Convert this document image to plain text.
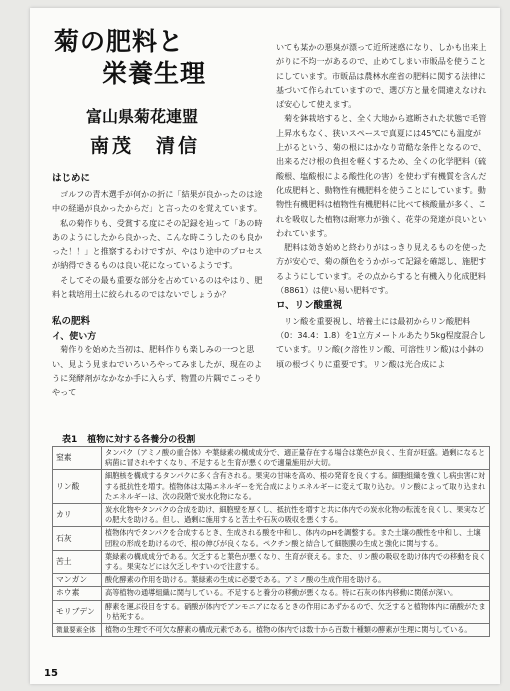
菊の肥料と
栄養生理
富山県菊花連盟
南茂 清信
はじめに

ゴルフの青木選手が何かの折に「結果が良かったのは途中の経過が良かったからだ」と言ったのを覚えています。

私の菊作りも、受賞する度にその記録を辿って「あの時あのようにしたから良かった、こんな時こうしたのも良かった！！」と推察するわけですが、やはり途中のプロセスが納得できるものは良い花になっているようです。

そしてその最も重要な部分を占めているのはやはり、肥料と栽培用土に絞られるのではないでしょうか？

私の肥料
イ、使い方

菊作りを始めた当初は、肥料作りも楽しみの一つと思い、見よう見まねでいろいろやってみましたが、現在のように発酵剤がなかなか手に入らず、物置の片隅でこっそりやって

いても某かの悪臭が漂って近所迷惑になり、しかも出来上がりに不均一があるので、止めてしまい市販品を使うことにしています。市販品は農林水産省の肥料に関する法律に基づいて作られていますので、選び方と量を間違えなければ安心して使えます。

菊を鉢栽培すると、全く大地から遮断された状態で毛管上昇水もなく、狭いスペースで真夏には45℃にも温度が上がるという、菊の根にはかなり苛酷な条件となるので、出来るだけ根の負担を軽くするため、全くの化学肥料（硫酸根、塩酸根による酸性化の害）を使わず有機質を含んだ化成肥料と、動物性有機肥料を使うことにしています。動物性有機肥料は植物性有機肥料に比べて核酸量が多く、これを吸収した植物は耐寒力が強く、花芽の発達が良いといわれています。

肥料は効き始めと終わりがはっきり見えるものを使った方が安心で、菊の顔色をうかがって記録を確認し、施肥するようにしています。その点からすると有機入り化成肥料（8861）は使い易い肥料です。

ロ、リン酸重視

リン酸を重要視し、培養土には最初からリン酸肥料（0：34.4：1.8）を1立方メートルあたり5kg程度混合しています。リン酸(ク溶性リン酸、可溶性リン酸)は小鉢の頃の根づくりに重要です。リン酸は光合成によ

表1 植物に対する各養分の役割
窒素	タンパク（アミノ酸の重合体）や葉緑素の構成成分で、適正量存在する場合は葉色が良く、生育が旺盛。過剰になると病菌に冒されやすくなり、不足すると生育が悪くので適量施用が大切。
リン酸	細胞核を構成するタンパクに多く含有される。果実の甘味を高め、根の発育を良くする。細胞組織を強くし病虫害に対する抵抗性を増す。植物体は太陽エネルギーを光合成によりエネルギーに変えて取り込む。リン酸によって取り込まれたエネルギーは、次の段階で炭水化物になる。
カリ	炭水化物やタンパクの合成を助け、細胞壁を厚くし、抵抗性を増すと共に体内での炭水化物の転流を良くし、果実などの肥大を助ける。但し、過剰に施用すると苦土や石灰の吸収を悪くする。
石灰	植物体内でタンパクを合成するとき、生成される酸を中和し、体内のpHを調整する。また土壌の酸性を中和し、土壌団粒の形成を助けるので、根の伸びが良くなる。ペクチン酸と結合して細胞膜の生成と強化に関与する。
苦土	葉緑素の構成成分である。欠乏すると葉色が悪くなり、生育が衰える。また、リン酸の吸収を助け体内での移動を良くする。果実などには欠乏しやすいので注意する。
マンガン	酸化酵素の作用を助ける。葉緑素の生成に必要である。アミノ酸の生成作用を助ける。
ホウ素	高等植物の通導組織に関与している。不足すると養分の移動が悪くなる。特に石灰の体内移動に関係が深い。
モリブデン	酵素を運ぶ役目をする。硝酸が体内でアンモニアになるときの作用にあずかるので、欠乏すると植物体内に硝酸がたまり枯死する。
微量要素全体	植物の生理で不可欠な酵素の構成元素である。植物の体内では数十から百数十種類の酵素が生理に関与している。
15
